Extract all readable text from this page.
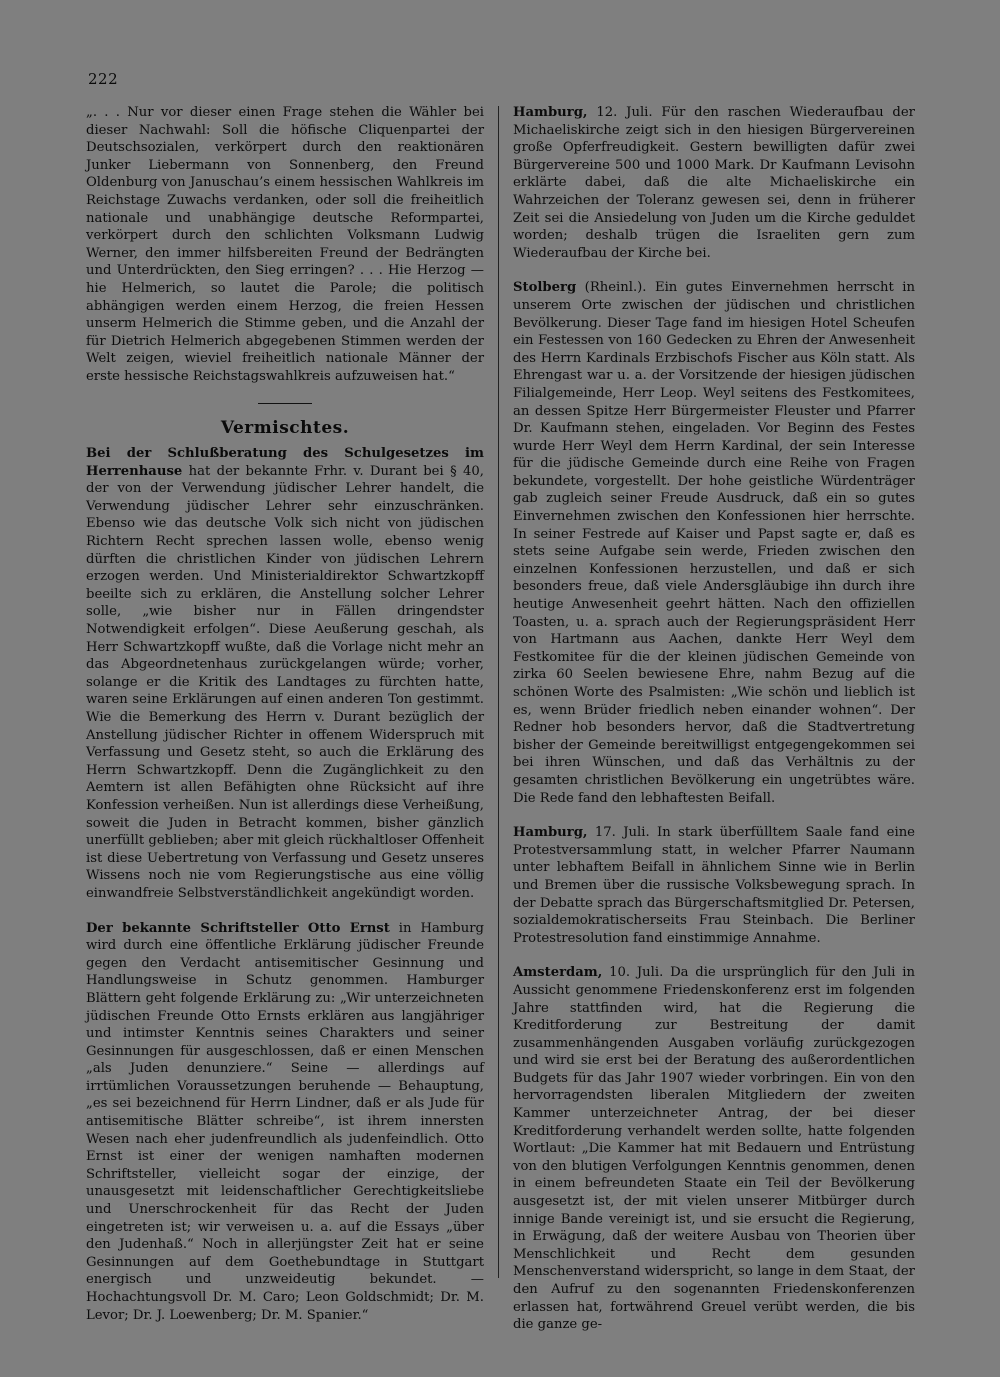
222

„. . . Nur vor dieser einen Frage stehen die Wähler bei dieser Nachwahl: Soll die höfische Cliquenpartei der Deutschsozialen, verkörpert durch den reaktionären Junker Liebermann von Sonnenberg, den Freund Oldenburg von Januschau’s einem hessischen Wahlkreis im Reichstage Zuwachs verdanken, oder soll die freiheitlich nationale und unabhängige deutsche Reformpartei, verkörpert durch den schlichten Volksmann Ludwig Werner, den immer hilfsbereiten Freund der Bedrängten und Unterdrückten, den Sieg erringen? . . . Hie Herzog — hie Helmerich, so lautet die Parole; die politisch abhängigen werden einem Herzog, die freien Hessen unserm Helmerich die Stimme geben, und die Anzahl der für Dietrich Helmerich abgegebenen Stimmen werden der Welt zeigen, wieviel freiheitlich nationale Männer der erste hessische Reichstagswahlkreis aufzuweisen hat.“

Vermischtes.

Bei der Schlußberatung des Schulgesetzes im Herrenhause hat der bekannte Frhr. v. Durant bei § 40, der von der Verwendung jüdischer Lehrer handelt, die Verwendung jüdischer Lehrer sehr einzuschränken. Ebenso wie das deutsche Volk sich nicht von jüdischen Richtern Recht sprechen lassen wolle, ebenso wenig dürften die christlichen Kinder von jüdischen Lehrern erzogen werden. Und Ministerialdirektor Schwartzkopff beeilte sich zu erklären, die Anstellung solcher Lehrer solle, „wie bisher nur in Fällen dringendster Notwendigkeit erfolgen“. Diese Aeußerung geschah, als Herr Schwartzkopff wußte, daß die Vorlage nicht mehr an das Abgeordnetenhaus zurückgelangen würde; vorher, solange er die Kritik des Landtages zu fürchten hatte, waren seine Erklärungen auf einen anderen Ton gestimmt. Wie die Bemerkung des Herrn v. Durant bezüglich der Anstellung jüdischer Richter in offenem Widerspruch mit Verfassung und Gesetz steht, so auch die Erklärung des Herrn Schwartzkopff. Denn die Zugänglichkeit zu den Aemtern ist allen Befähigten ohne Rücksicht auf ihre Konfession verheißen. Nun ist allerdings diese Verheißung, soweit die Juden in Betracht kommen, bisher gänzlich unerfüllt geblieben; aber mit gleich rückhaltloser Offenheit ist diese Uebertretung von Verfassung und Gesetz unseres Wissens noch nie vom Regierungstische aus eine völlig einwandfreie Selbstverständlichkeit angekündigt worden.

Der bekannte Schriftsteller Otto Ernst in Hamburg wird durch eine öffentliche Erklärung jüdischer Freunde gegen den Verdacht antisemitischer Gesinnung und Handlungsweise in Schutz genommen. Hamburger Blättern geht folgende Erklärung zu: „Wir unterzeichneten jüdischen Freunde Otto Ernsts erklären aus langjähriger und intimster Kenntnis seines Charakters und seiner Gesinnungen für ausgeschlossen, daß er einen Menschen „als Juden denunziere.“ Seine — allerdings auf irrtümlichen Voraussetzungen beruhende — Behauptung, „es sei bezeichnend für Herrn Lindner, daß er als Jude für antisemitische Blätter schreibe“, ist ihrem innersten Wesen nach eher judenfreundlich als judenfeindlich. Otto Ernst ist einer der wenigen namhaften modernen Schriftsteller, vielleicht sogar der einzige, der unausgesetzt mit leidenschaftlicher Gerechtigkeitsliebe und Unerschrockenheit für das Recht der Juden eingetreten ist; wir verweisen u. a. auf die Essays „über den Judenhaß.“ Noch in allerjüngster Zeit hat er seine Gesinnungen auf dem Goethebundtage in Stuttgart energisch und unzweideutig bekundet. — Hochachtungsvoll Dr. M. Caro; Leon Goldschmidt; Dr. M. Levor; Dr. J. Loewenberg; Dr. M. Spanier.“

Hamburg, 12. Juli. Für den raschen Wiederaufbau der Michaeliskirche zeigt sich in den hiesigen Bürgervereinen große Opferfreudigkeit. Gestern bewilligten dafür zwei Bürgervereine 500 und 1000 Mark. Dr Kaufmann Levisohn erklärte dabei, daß die alte Michaeliskirche ein Wahrzeichen der Toleranz gewesen sei, denn in früherer Zeit sei die Ansiedelung von Juden um die Kirche geduldet worden; deshalb trügen die Israeliten gern zum Wiederaufbau der Kirche bei.

Stolberg (Rheinl.). Ein gutes Einvernehmen herrscht in unserem Orte zwischen der jüdischen und christlichen Bevölkerung. Dieser Tage fand im hiesigen Hotel Scheufen ein Festessen von 160 Gedecken zu Ehren der Anwesenheit des Herrn Kardinals Erzbischofs Fischer aus Köln statt. Als Ehrengast war u. a. der Vorsitzende der hiesigen jüdischen Filialgemeinde, Herr Leop. Weyl seitens des Festkomitees, an dessen Spitze Herr Bürgermeister Fleuster und Pfarrer Dr. Kaufmann stehen, eingeladen. Vor Beginn des Festes wurde Herr Weyl dem Herrn Kardinal, der sein Interesse für die jüdische Gemeinde durch eine Reihe von Fragen bekundete, vorgestellt. Der hohe geistliche Würdenträger gab zugleich seiner Freude Ausdruck, daß ein so gutes Einvernehmen zwischen den Konfessionen hier herrschte. In seiner Festrede auf Kaiser und Papst sagte er, daß es stets seine Aufgabe sein werde, Frieden zwischen den einzelnen Konfessionen herzustellen, und daß er sich besonders freue, daß viele Andersgläubige ihn durch ihre heutige Anwesenheit geehrt hätten. Nach den offiziellen Toasten, u. a. sprach auch der Regierungspräsident Herr von Hartmann aus Aachen, dankte Herr Weyl dem Festkomitee für die der kleinen jüdischen Gemeinde von zirka 60 Seelen bewiesene Ehre, nahm Bezug auf die schönen Worte des Psalmisten: „Wie schön und lieblich ist es, wenn Brüder friedlich neben einander wohnen“. Der Redner hob besonders hervor, daß die Stadtvertretung bisher der Gemeinde bereitwilligst entgegengekommen sei bei ihren Wünschen, und daß das Verhältnis zu der gesamten christlichen Bevölkerung ein ungetrübtes wäre. Die Rede fand den lebhaftesten Beifall.

Hamburg, 17. Juli. In stark überfülltem Saale fand eine Protestversammlung statt, in welcher Pfarrer Naumann unter lebhaftem Beifall in ähnlichem Sinne wie in Berlin und Bremen über die russische Volksbewegung sprach. In der Debatte sprach das Bürgerschaftsmitglied Dr. Petersen, sozialdemokratischerseits Frau Steinbach. Die Berliner Protestresolution fand einstimmige Annahme.

Amsterdam, 10. Juli. Da die ursprünglich für den Juli in Aussicht genommene Friedenskonferenz erst im folgenden Jahre stattfinden wird, hat die Regierung die Kreditforderung zur Bestreitung der damit zusammenhängenden Ausgaben vorläufig zurückgezogen und wird sie erst bei der Beratung des außerordentlichen Budgets für das Jahr 1907 wieder vorbringen. Ein von den hervorragendsten liberalen Mitgliedern der zweiten Kammer unterzeichneter Antrag, der bei dieser Kreditforderung verhandelt werden sollte, hatte folgenden Wortlaut: „Die Kammer hat mit Bedauern und Entrüstung von den blutigen Verfolgungen Kenntnis genommen, denen in einem befreundeten Staate ein Teil der Bevölkerung ausgesetzt ist, der mit vielen unserer Mitbürger durch innige Bande vereinigt ist, und sie ersucht die Regierung, in Erwägung, daß der weitere Ausbau von Theorien über Menschlichkeit und Recht dem gesunden Menschenverstand widerspricht, so lange in dem Staat, der den Aufruf zu den sogenannten Friedenskonferenzen erlassen hat, fortwährend Greuel verübt werden, die bis die ganze ge-
